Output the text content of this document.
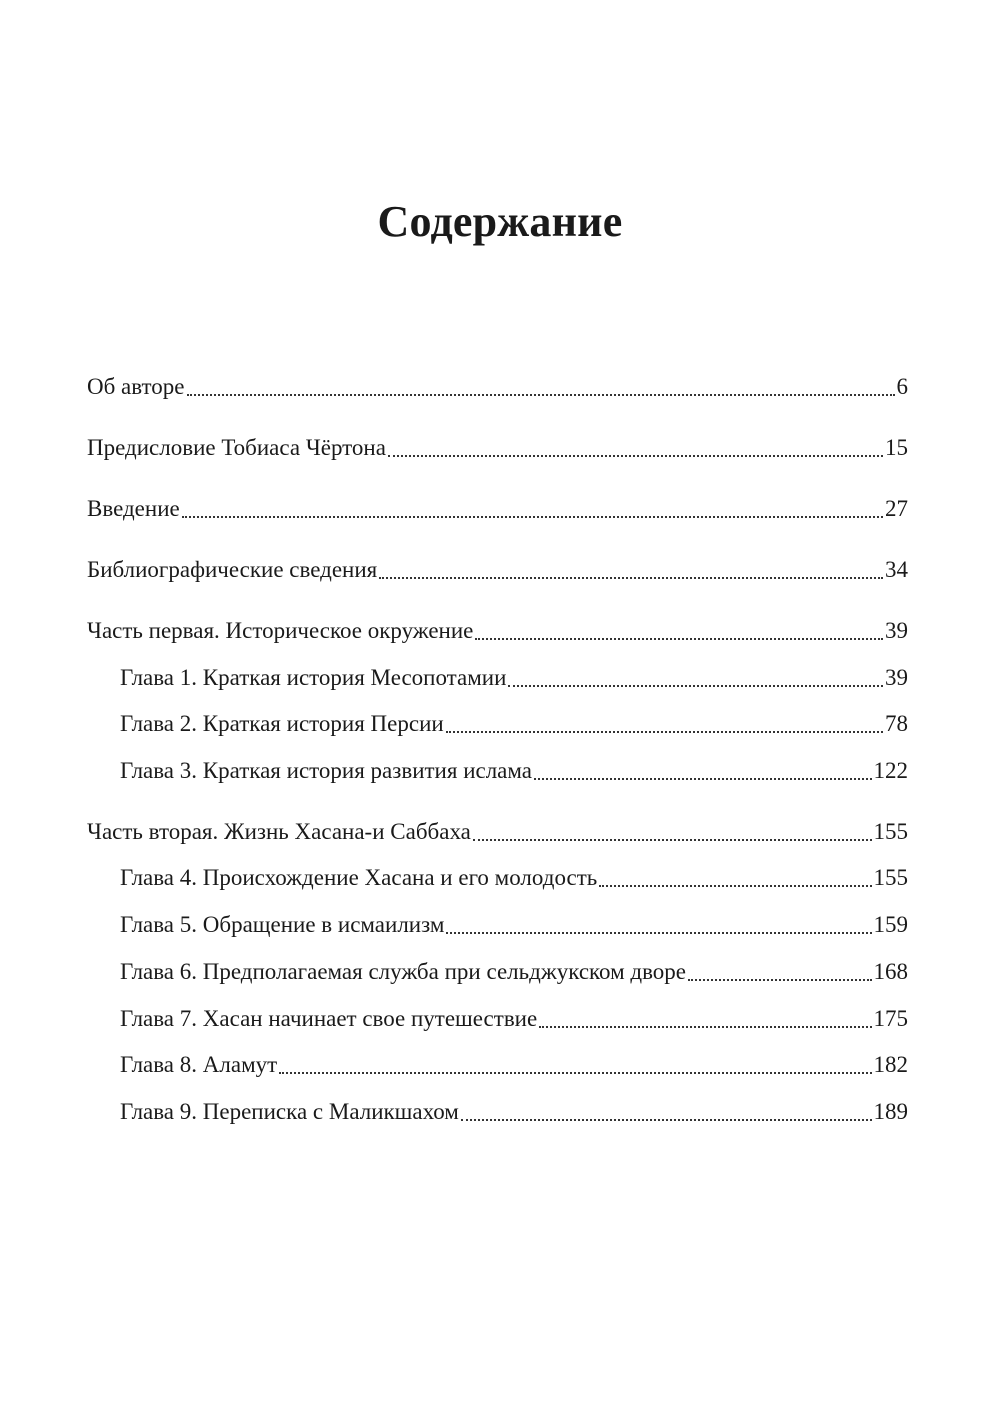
Содержание
Об авторе	6
Предисловие Тобиаса Чёртона	15
Введение	27
Библиографические сведения	34
Часть первая. Историческое окружение	39
Глава 1. Краткая история Месопотамии	39
Глава 2. Краткая история Персии	78
Глава 3. Краткая история развития ислама	122
Часть вторая. Жизнь Хасана-и Саббаха	155
Глава 4. Происхождение Хасана и его молодость	155
Глава 5. Обращение в исмаилизм	159
Глава 6. Предполагаемая служба при сельджукском дворе	168
Глава 7. Хасан начинает свое путешествие	175
Глава 8. Аламут	182
Глава 9. Переписка с Маликшахом	189
